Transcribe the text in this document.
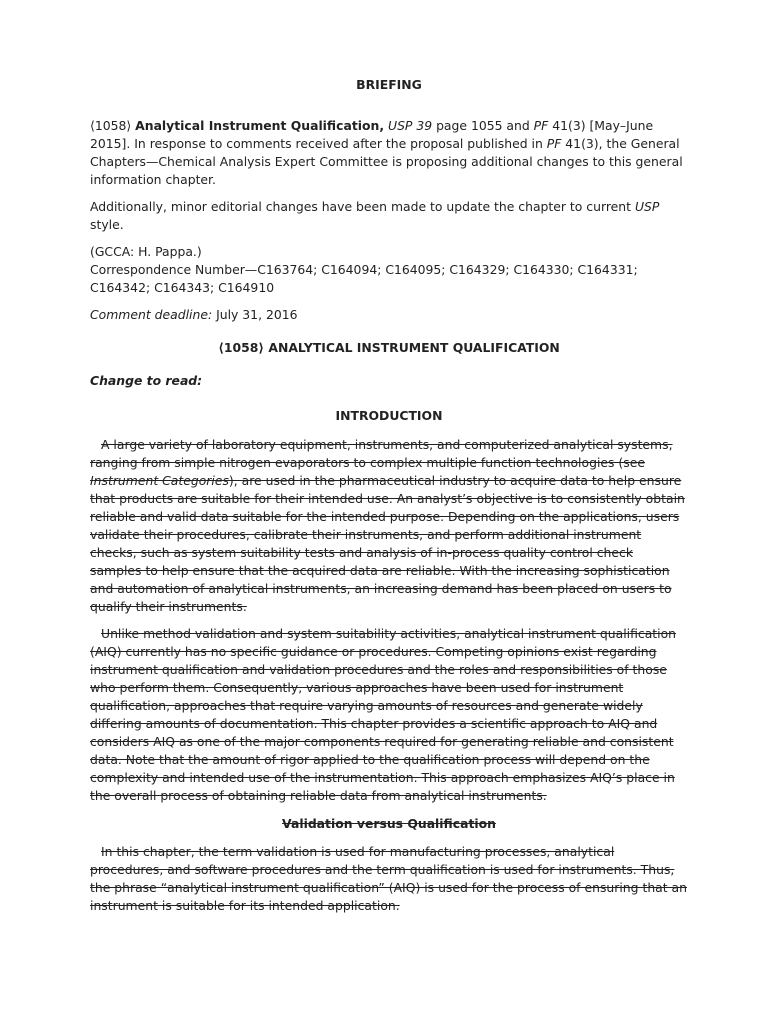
BRIEFING

⟨1058⟩ Analytical Instrument Qualification, USP 39 page 1055 and PF 41(3) [May–June 2015]. In response to comments received after the proposal published in PF 41(3), the General Chapters—Chemical Analysis Expert Committee is proposing additional changes to this general information chapter.

Additionally, minor editorial changes have been made to update the chapter to current USP style.

(GCCA: H. Pappa.)

Correspondence Number—C163764; C164094; C164095; C164329; C164330; C164331; C164342; C164343; C164910

Comment deadline: July 31, 2016

⟨1058⟩ ANALYTICAL INSTRUMENT QUALIFICATION

Change to read:

INTRODUCTION

A large variety of laboratory equipment, instruments, and computerized analytical systems, ranging from simple nitrogen evaporators to complex multiple function technologies (see Instrument Categories), are used in the pharmaceutical industry to acquire data to help ensure that products are suitable for their intended use. An analyst’s objective is to consistently obtain reliable and valid data suitable for the intended purpose. Depending on the applications, users validate their procedures, calibrate their instruments, and perform additional instrument checks, such as system suitability tests and analysis of in-process quality control check samples to help ensure that the acquired data are reliable. With the increasing sophistication and automation of analytical instruments, an increasing demand has been placed on users to qualify their instruments.

Unlike method validation and system suitability activities, analytical instrument qualification (AIQ) currently has no specific guidance or procedures. Competing opinions exist regarding instrument qualification and validation procedures and the roles and responsibilities of those who perform them. Consequently, various approaches have been used for instrument qualification, approaches that require varying amounts of resources and generate widely differing amounts of documentation. This chapter provides a scientific approach to AIQ and considers AIQ as one of the major components required for generating reliable and consistent data. Note that the amount of rigor applied to the qualification process will depend on the complexity and intended use of the instrumentation. This approach emphasizes AIQ’s place in the overall process of obtaining reliable data from analytical instruments.

Validation versus Qualification

In this chapter, the term validation is used for manufacturing processes, analytical procedures, and software procedures and the term qualification is used for instruments. Thus, the phrase “analytical instrument qualification” (AIQ) is used for the process of ensuring that an instrument is suitable for its intended application.
